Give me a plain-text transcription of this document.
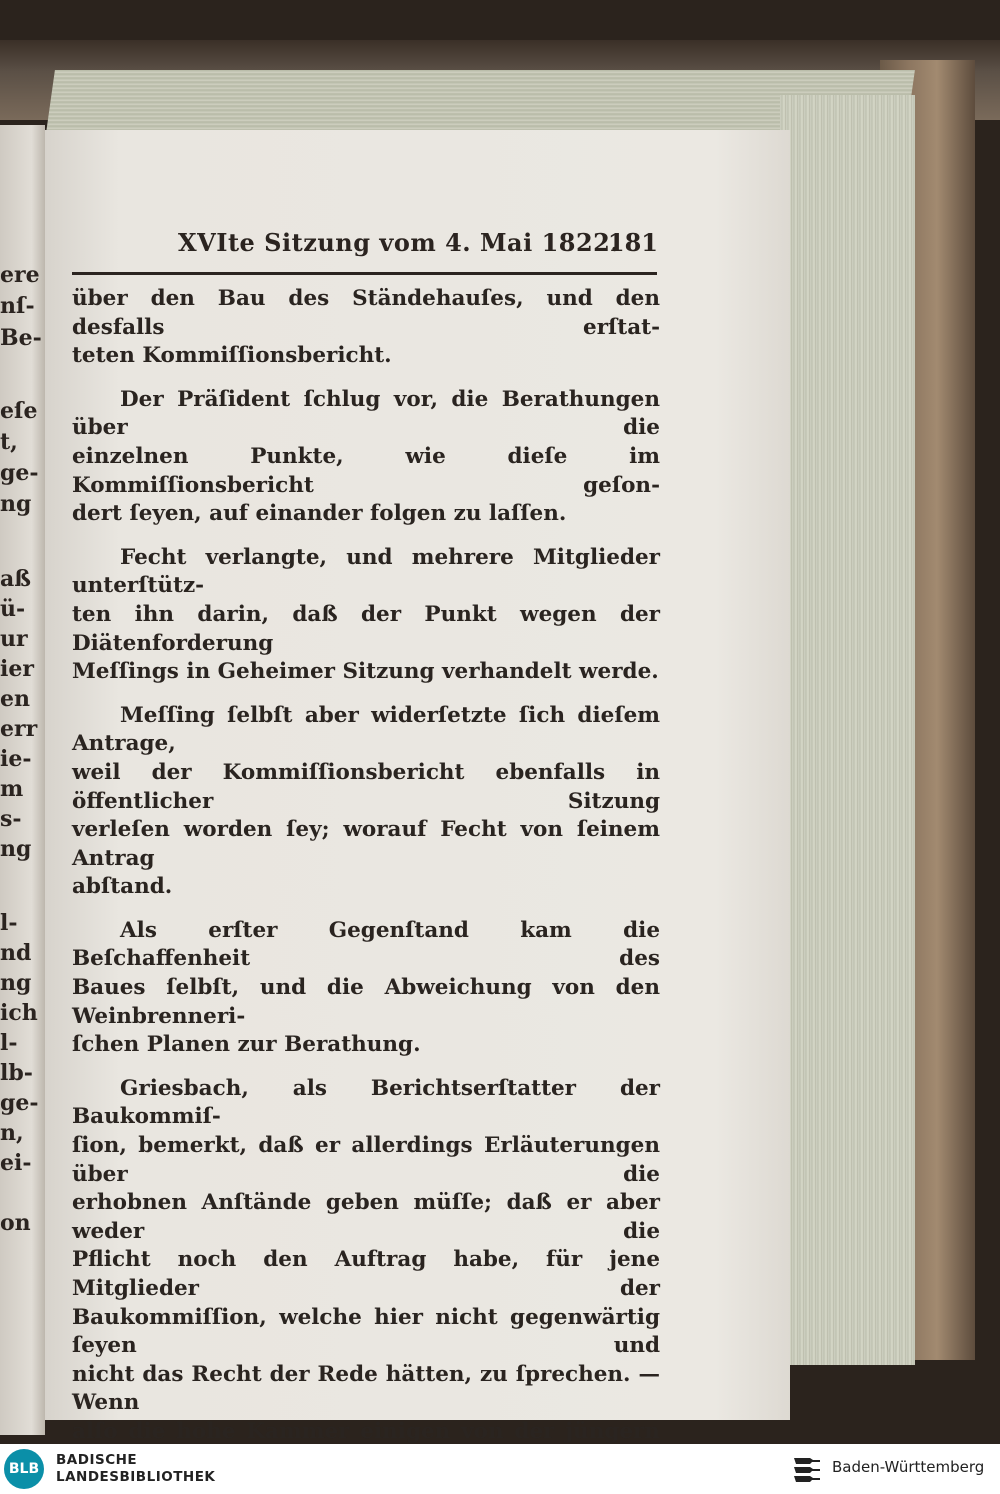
ere
nſ-
Be-
eſe
t,
ge-
ng
aß
ü-
ur
ier
en
err
ie-
m
s-
ng
l-
nd
ng
ich
l-
lb-
ge-
n,
ei-
on
XVIte Sitzung vom 4. Mai 1822.
181

über den Bau des Ständehauſes, und den desfalls erſtat-
teten Kommiſſionsbericht.

Der Präſident ſchlug vor, die Berathungen über die
einzelnen Punkte, wie dieſe im Kommiſſionsbericht geſon-
dert ſeyen, auf einander folgen zu laſſen.

Fecht verlangte, und mehrere Mitglieder unterſtütz-
ten ihn darin, daß der Punkt wegen der Diätenforderung
Meſſings in Geheimer Sitzung verhandelt werde.

Meſſing ſelbſt aber widerſetzte ſich dieſem Antrage,
weil der Kommiſſionsbericht ebenfalls in öffentlicher Sitzung
verleſen worden ſey; worauf Fecht von ſeinem Antrag
abſtand.

Als erſter Gegenſtand kam die Beſchaffenheit des
Baues ſelbſt, und die Abweichung von den Weinbrenneri-
ſchen Planen zur Berathung.

Griesbach, als Berichtserſtatter der Baukommiſ-
ſion, bemerkt, daß er allerdings Erläuterungen über die
erhobnen Anſtände geben müſſe; daß er aber weder die
Pflicht noch den Auftrag habe, für jene Mitglieder der
Baukommiſſion, welche hier nicht gegenwärtig ſeyen und
nicht das Recht der Rede hätten, zu ſprechen. — Wenn
alſo die hohe Kammer einigen von der jüngern

BLB
BADISCHE
LANDESBIBLIOTHEK
Baden-Württemberg
